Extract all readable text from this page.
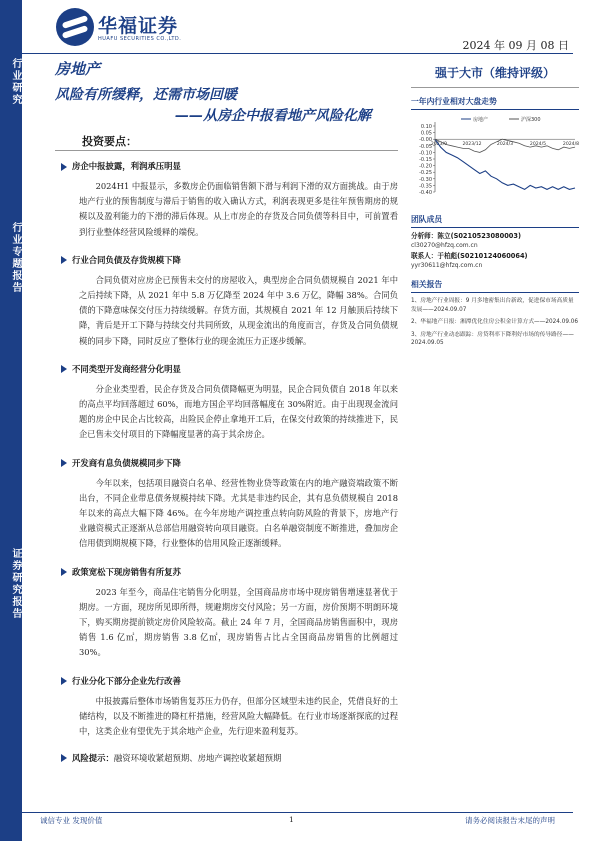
行业研究
行业专题报告
证券研究报告
华福证券
HUAFU SECURITIES CO.,LTD.	2024 年 09 月 08 日
房地产
风险有所缓释，还需市场回暖
——从房企中报看地产风险化解
投资要点：
房企中报披露，利润承压明显

2024H1 中报显示，多数房企仍面临销售额下滑与利润下滑的双方面挑战。由于房地产行业的预售制度与滞后于销售的收入确认方式，利润表现更多是往年预售期房的规模以及盈利能力的下滑的滞后体现。从上市房企的存货及合同负债等科目中，可前置看到行业整体经营风险缓释的端倪。

行业合同负债及存货规模下降

合同负债对应房企已预售未交付的房屋收入，典型房企合同负债规模自 2021 年中之后持续下降，从 2021 年中 5.8 万亿降至 2024 年中 3.6 万亿，降幅 38%。合同负债的下降意味保交付压力持续缓解。存货方面，其规模自 2021 年 12 月触顶后持续下降，背后是开工下降与持续交付共同所致，从现金流出的角度而言，存货及合同负债规模的同步下降，同时反应了整体行业的现金流压力正逐步缓解。

不同类型开发商经营分化明显

分企业类型看，民企存货及合同负债降幅更为明显，民企合同负债自 2018 年以来的高点平均回落超过 60%，而地方国企平均回落幅度在 30%附近。由于出现现金流问题的房企中民企占比较高，出险民企停止拿地开工后，在保交付政策的持续推进下，民企已售未交付项目的下降幅度显著的高于其余房企。

开发商有息负债规模同步下降

今年以来，包括项目融资白名单、经营性物业贷等政策在内的地产融资端政策不断出台，不同企业带息债务规模持续下降。尤其是非违约民企，其有息负债规模自 2018 年以来的高点大幅下降 46%。在今年房地产调控重点转向防风险的背景下，房地产行业融资模式正逐渐从总部信用融资转向项目融资。白名单融资制度不断推进，叠加房企信用债到期规模下降，行业整体的信用风险正逐渐缓释。

政策宽松下现房销售有所复苏

2023 年至今，商品住宅销售分化明显，全国商品房市场中现房销售增速显著优于期房。一方面，现房所见即所得，规避期房交付风险；另一方面，房价预期不明朗环境下，购买期房提前锁定房价风险较高。截止 24 年 7 月，全国商品房销售面积中，现房销售 1.6 亿㎡，期房销售 3.8 亿㎡，现房销售占比占全国商品房销售的比例超过 30%。

行业分化下部分企业先行改善

中报披露后整体市场销售复苏压力仍存，但部分区域型未违约民企，凭借良好的土储结构，以及不断推进的降杠杆措施，经营风险大幅降低。在行业市场逐渐探底的过程中，这类企业有望优先于其余地产企业，先行迎来盈利复苏。

风险提示： 融资环境收紧超预期、房地产调控收紧超预期
强于大市（维持评级）
一年内行业相对大盘走势
0.10
0.05
-0.00
-0.05
-0.10
-0.15
-0.20
-0.25
-0.30
-0.35
-0.40
2023/9	2023/12	2024/3	2024/5	2024/8
房地产	沪深300
团队成员
分析师：陈立(S0210523080003)
cl30270@hfzq.com.cn
联系人：于柏彪(S0210124060064)
yyr30611@hfzq.com.cn
相关报告
1、房地产行业周报：9 月多地密集出台新政，促进保市场高质量发展——2024.09.07
2、华福地产日报：湘潭优化住房公积金计算方式——2024.09.06
3、房地产行业动态跟踪：房贷利率下降利好市场的传导路径——2024.09.05
诚信专业 发现价值	1	请务必阅读报告末尾的声明
